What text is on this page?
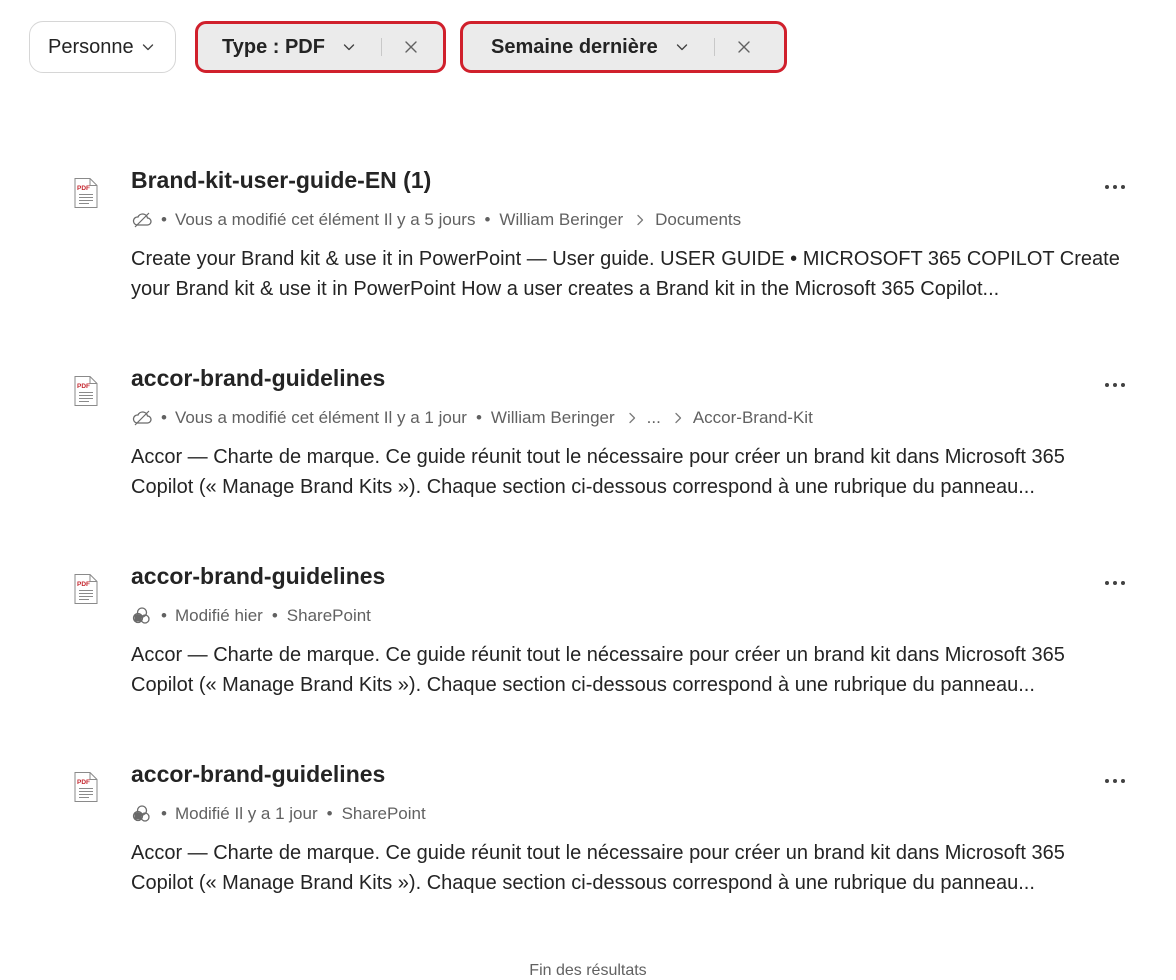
Personne	Type : PDF	Semaine dernière
PDF Brand-kit-user-guide-EN (1)
• Vous a modifié cet élément Il y a 5 jours • William Beringer Documents
Create your Brand kit & use it in PowerPoint — User guide. USER GUIDE • MICROSOFT 365 COPILOT Create your Brand kit & use it in PowerPoint How a user creates a Brand kit in the Microsoft 365 Copilot...
PDF accor-brand-guidelines
• Vous a modifié cet élément Il y a 1 jour • William Beringer ... Accor-Brand-Kit
Accor — Charte de marque. Ce guide réunit tout le nécessaire pour créer un brand kit dans Microsoft 365 Copilot (« Manage Brand Kits »). Chaque section ci-dessous correspond à une rubrique du panneau...
PDF accor-brand-guidelines
• Modifié hier • SharePoint
Accor — Charte de marque. Ce guide réunit tout le nécessaire pour créer un brand kit dans Microsoft 365 Copilot (« Manage Brand Kits »). Chaque section ci-dessous correspond à une rubrique du panneau...
PDF accor-brand-guidelines
• Modifié Il y a 1 jour • SharePoint
Accor — Charte de marque. Ce guide réunit tout le nécessaire pour créer un brand kit dans Microsoft 365 Copilot (« Manage Brand Kits »). Chaque section ci-dessous correspond à une rubrique du panneau...
Fin des résultats
